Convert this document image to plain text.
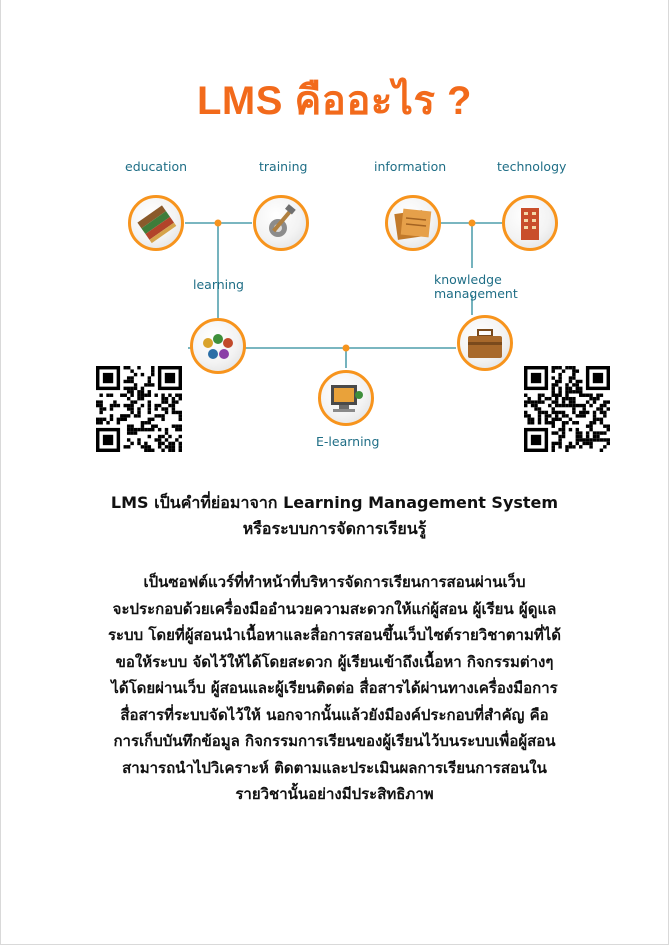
LMS คืออะไร ?
education	training	information	technology
learning	knowledge
management
E-learning
LMS เป็นคำที่ย่อมาจาก Learning Management System
หรือระบบการจัดการเรียนรู้
เป็นซอฟต์แวร์ที่ทำหน้าที่บริหารจัดการเรียนการสอนผ่านเว็บ
จะประกอบด้วยเครื่องมืออำนวยความสะดวกให้แก่ผู้สอน ผู้เรียน ผู้ดูแล
ระบบ โดยที่ผู้สอนนำเนื้อหาและสื่อการสอนขึ้นเว็บไซต์รายวิชาตามที่ได้
ขอให้ระบบ จัดไว้ให้ได้โดยสะดวก ผู้เรียนเข้าถึงเนื้อหา กิจกรรมต่างๆ
ได้โดยผ่านเว็บ ผู้สอนและผู้เรียนติดต่อ สื่อสารได้ผ่านทางเครื่องมือการ
สื่อสารที่ระบบจัดไว้ให้ นอกจากนั้นแล้วยังมีองค์ประกอบที่สำคัญ คือ
การเก็บบันทึกข้อมูล กิจกรรมการเรียนของผู้เรียนไว้บนระบบเพื่อผู้สอน
สามารถนำไปวิเคราะห์ ติดตามและประเมินผลการเรียนการสอนใน
รายวิชานั้นอย่างมีประสิทธิภาพ
